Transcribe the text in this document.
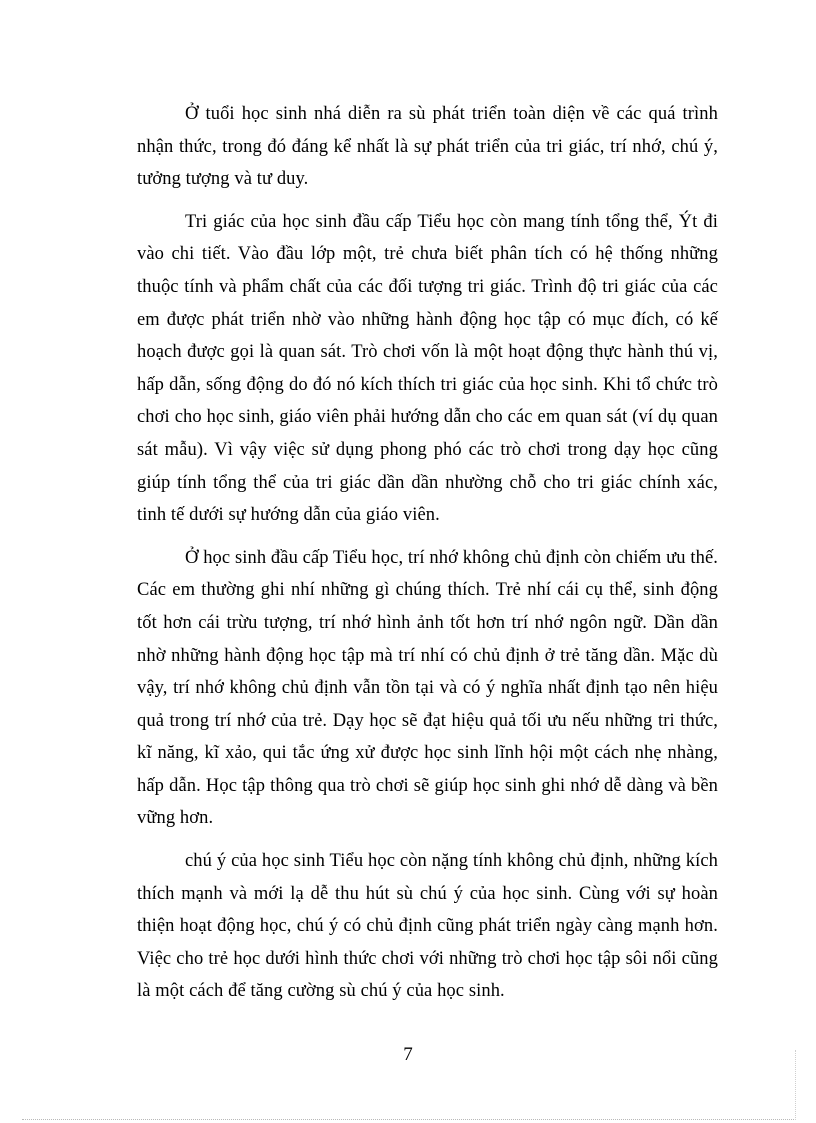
Ở tuổi học sinh nhá diễn ra sù phát triển toàn diện về các quá trình nhận thức, trong đó đáng kể nhất là sự phát triển của tri giác, trí nhớ, chú ý, tưởng tượng và tư duy.

Tri giác của học sinh đầu cấp Tiểu học còn mang tính tổng thể, Ýt đi vào chi tiết. Vào đầu lớp một, trẻ chưa biết phân tích có hệ thống những thuộc tính và phẩm chất của các đối tượng tri giác. Trình độ tri giác của các em được phát triển nhờ vào những hành động học tập có mục đích, có kế hoạch được gọi là quan sát. Trò chơi vốn là một hoạt động thực hành thú vị, hấp dẫn, sống động do đó nó kích thích tri giác của học sinh. Khi tổ chức trò chơi cho học sinh, giáo viên phải hướng dẫn cho các em quan sát (ví dụ quan sát mẫu). Vì vậy việc sử dụng phong phó các trò chơi trong dạy học cũng giúp tính tổng thể của tri giác dần dần nhường chỗ cho tri giác chính xác, tinh tế dưới sự hướng dẫn của giáo viên.

Ở học sinh đầu cấp Tiểu học, trí nhớ không chủ định còn chiếm ưu thế. Các em thường ghi nhí những gì chúng thích. Trẻ nhí cái cụ thể, sinh động tốt hơn cái trừu tượng, trí nhớ hình ảnh tốt hơn trí nhớ ngôn ngữ. Dần dần nhờ những hành động học tập mà trí nhí có chủ định ở trẻ tăng dần. Mặc dù vậy, trí nhớ không chủ định vẫn tồn tại và có ý nghĩa nhất định tạo nên hiệu quả trong trí nhớ của trẻ. Dạy học sẽ đạt hiệu quả tối ưu nếu những tri thức, kĩ năng, kĩ xảo, qui tắc ứng xử được học sinh lĩnh hội một cách nhẹ nhàng, hấp dẫn. Học tập thông qua trò chơi sẽ giúp học sinh ghi nhớ dễ dàng và bền vững hơn.

chú ý của học sinh Tiểu học còn nặng tính không chủ định, những kích thích mạnh và mới lạ dễ thu hút sù chú ý của học sinh. Cùng với sự hoàn thiện hoạt động học, chú ý có chủ định cũng phát triển ngày càng mạnh hơn. Việc cho trẻ học dưới hình thức chơi với những trò chơi học tập sôi nổi cũng là một cách để tăng cường sù chú ý của học sinh.

7
